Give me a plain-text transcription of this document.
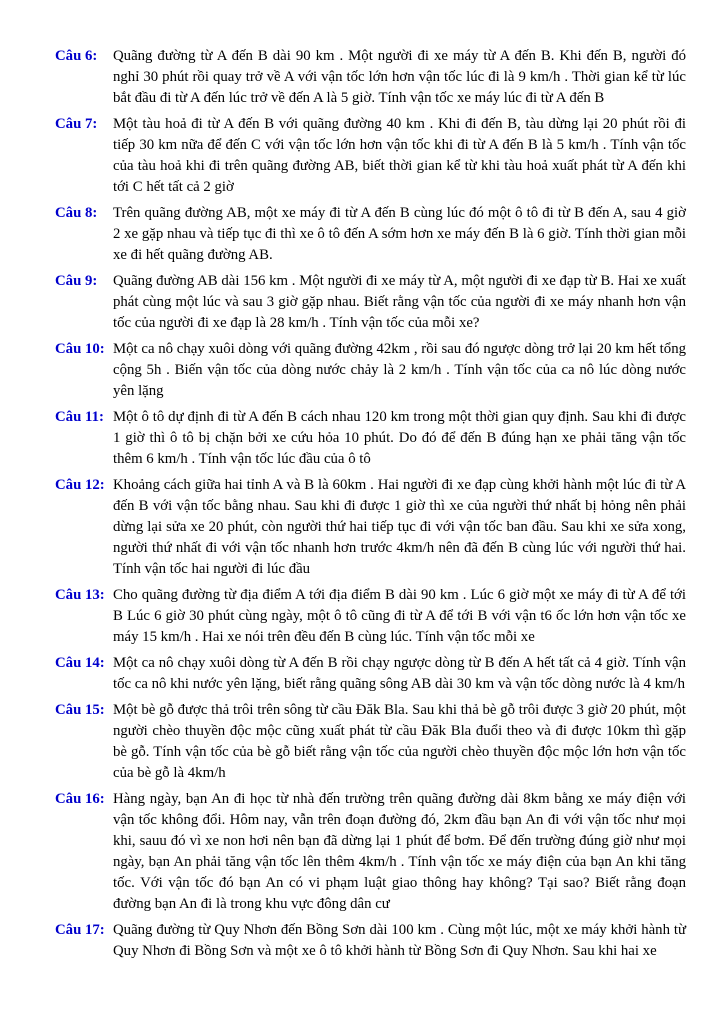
Câu 6:	Quãng đường từ A đến B dài 90 km . Một người đi xe máy từ A đến B. Khi đến B, người đó nghỉ 30 phút rồi quay trở về A với vận tốc lớn hơn vận tốc lúc đi là 9 km/h . Thời gian kể từ lúc bắt đầu đi từ A đến lúc trở về đến A là 5 giờ. Tính vận tốc xe máy lúc đi từ A đến B
Câu 7:	Một tàu hoả đi từ A đến B với quãng đường 40 km . Khi đi đến B, tàu dừng lại 20 phút rồi đi tiếp 30 km nữa để đến C với vận tốc lớn hơn vận tốc khi đi từ A đến B là 5 km/h . Tính vận tốc của tàu hoả khi đi trên quãng đường AB, biết thời gian kể từ khi tàu hoả xuất phát từ A đến khi tới C hết tất cả 2 giờ
Câu 8:	Trên quãng đường AB, một xe máy đi từ A đến B cùng lúc đó một ô tô đi từ B đến A, sau 4 giờ 2 xe gặp nhau và tiếp tục đi thì xe ô tô đến A sớm hơn xe máy đến B là 6 giờ. Tính thời gian mỗi xe đi hết quãng đường AB.
Câu 9:	Quãng đường AB dài 156 km . Một người đi xe máy từ A, một người đi xe đạp từ B. Hai xe xuất phát cùng một lúc và sau 3 giờ gặp nhau. Biết rằng vận tốc của người đi xe máy nhanh hơn vận tốc của người đi xe đạp là 28 km/h . Tính vận tốc của mỗi xe?
Câu 10: Một ca nô chạy xuôi dòng với quãng đường 42km , rồi sau đó ngược dòng trở lại 20 km hết tổng cộng 5h . Biến vận tốc của dòng nước chảy là 2 km/h . Tính vận tốc của ca nô lúc dòng nước yên lặng
Câu 11: Một ô tô dự định đi từ A đến B cách nhau 120 km trong một thời gian quy định. Sau khi đi được 1 giờ thì ô tô bị chặn bởi xe cứu hỏa 10 phút. Do đó để đến B đúng hạn xe phải tăng vận tốc thêm 6 km/h . Tính vận tốc lúc đầu của ô tô
Câu 12: Khoảng cách giữa hai tỉnh A và B là 60km . Hai người đi xe đạp cùng khởi hành một lúc đi từ A đến B với vận tốc bằng nhau. Sau khi đi được 1 giờ thì xe của người thứ nhất bị hỏng nên phải dừng lại sửa xe 20 phút, còn người thứ hai tiếp tục đi với vận tốc ban đầu. Sau khi xe sửa xong, người thứ nhất đi với vận tốc nhanh hơn trước 4km/h nên đã đến B cùng lúc với người thứ hai. Tính vận tốc hai người đi lúc đầu
Câu 13: Cho quãng đường từ địa điểm A tới địa điểm B dài 90 km . Lúc 6 giờ một xe máy đi từ A để tới B Lúc 6 giờ 30 phút cùng ngày, một ô tô cũng đi từ A để tới B với vận t6 ốc lớn hơn vận tốc xe máy 15 km/h . Hai xe nói trên đều đến B cùng lúc. Tính vận tốc mỗi xe
Câu 14: Một ca nô chạy xuôi dòng từ A đến B rồi chạy ngược dòng từ B đến A hết tất cả 4 giờ. Tính vận tốc ca nô khi nước yên lặng, biết rằng quãng sông AB dài 30 km và vận tốc dòng nước là 4 km/h
Câu 15: Một bè gỗ được thả trôi trên sông từ cầu Đăk Bla. Sau khi thả bè gỗ trôi được 3 giờ 20 phút, một người chèo thuyền độc mộc cũng xuất phát từ cầu Đăk Bla đuổi theo và đi được 10km thì gặp bè gỗ. Tính vận tốc của bè gỗ biết rằng vận tốc của người chèo thuyền độc mộc lớn hơn vận tốc của bè gỗ là 4km/h
Câu 16: Hàng ngày, bạn An đi học từ nhà đến trường trên quãng đường dài 8km bằng xe máy điện với vận tốc không đổi. Hôm nay, vẫn trên đoạn đường đó, 2km đầu bạn An đi với vận tốc như mọi khi, sauu đó vì xe non hơi nên bạn đã dừng lại 1 phút để bơm. Để đến trường đúng giờ như mọi ngày, bạn An phải tăng vận tốc lên thêm 4km/h . Tính vận tốc xe máy điện của bạn An khi tăng tốc. Với vận tốc đó bạn An có vi phạm luật giao thông hay không? Tại sao? Biết rằng đoạn đường bạn An đi là trong khu vực đông dân cư
Câu 17: Quãng đường từ Quy Nhơn đến Bồng Sơn dài 100 km . Cùng một lúc, một xe máy khởi hành từ Quy Nhơn đi Bồng Sơn và một xe ô tô khởi hành từ Bồng Sơn đi Quy Nhơn. Sau khi hai xe
